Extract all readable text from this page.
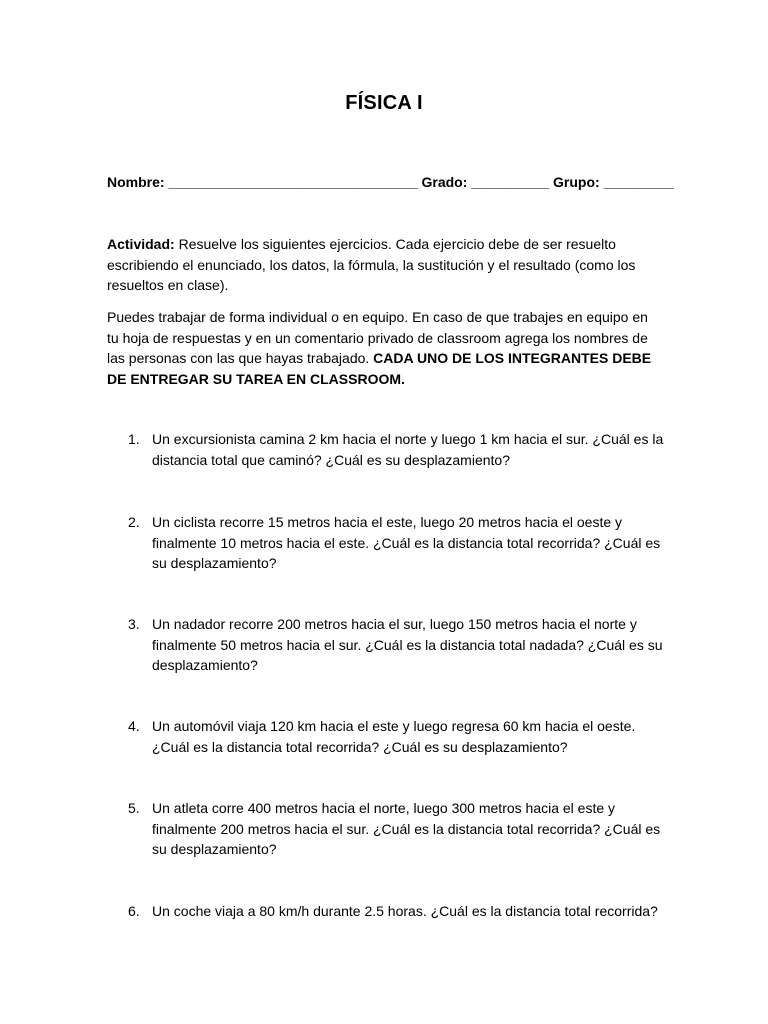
FÍSICA I
Nombre: ________________________________ Grado: __________ Grupo: _________
Actividad: Resuelve los siguientes ejercicios. Cada ejercicio debe de ser resuelto escribiendo el enunciado, los datos, la fórmula, la sustitución y el resultado (como los resueltos en clase).
Puedes trabajar de forma individual o en equipo. En caso de que trabajes en equipo en tu hoja de respuestas y en un comentario privado de classroom agrega los nombres de las personas con las que hayas trabajado. CADA UNO DE LOS INTEGRANTES DEBE DE ENTREGAR SU TAREA EN CLASSROOM.
1. Un excursionista camina 2 km hacia el norte y luego 1 km hacia el sur. ¿Cuál es la distancia total que caminó? ¿Cuál es su desplazamiento?
2. Un ciclista recorre 15 metros hacia el este, luego 20 metros hacia el oeste y finalmente 10 metros hacia el este. ¿Cuál es la distancia total recorrida? ¿Cuál es su desplazamiento?
3. Un nadador recorre 200 metros hacia el sur, luego 150 metros hacia el norte y finalmente 50 metros hacia el sur. ¿Cuál es la distancia total nadada? ¿Cuál es su desplazamiento?
4. Un automóvil viaja 120 km hacia el este y luego regresa 60 km hacia el oeste. ¿Cuál es la distancia total recorrida? ¿Cuál es su desplazamiento?
5. Un atleta corre 400 metros hacia el norte, luego 300 metros hacia el este y finalmente 200 metros hacia el sur. ¿Cuál es la distancia total recorrida? ¿Cuál es su desplazamiento?
6. Un coche viaja a 80 km/h durante 2.5 horas. ¿Cuál es la distancia total recorrida?
